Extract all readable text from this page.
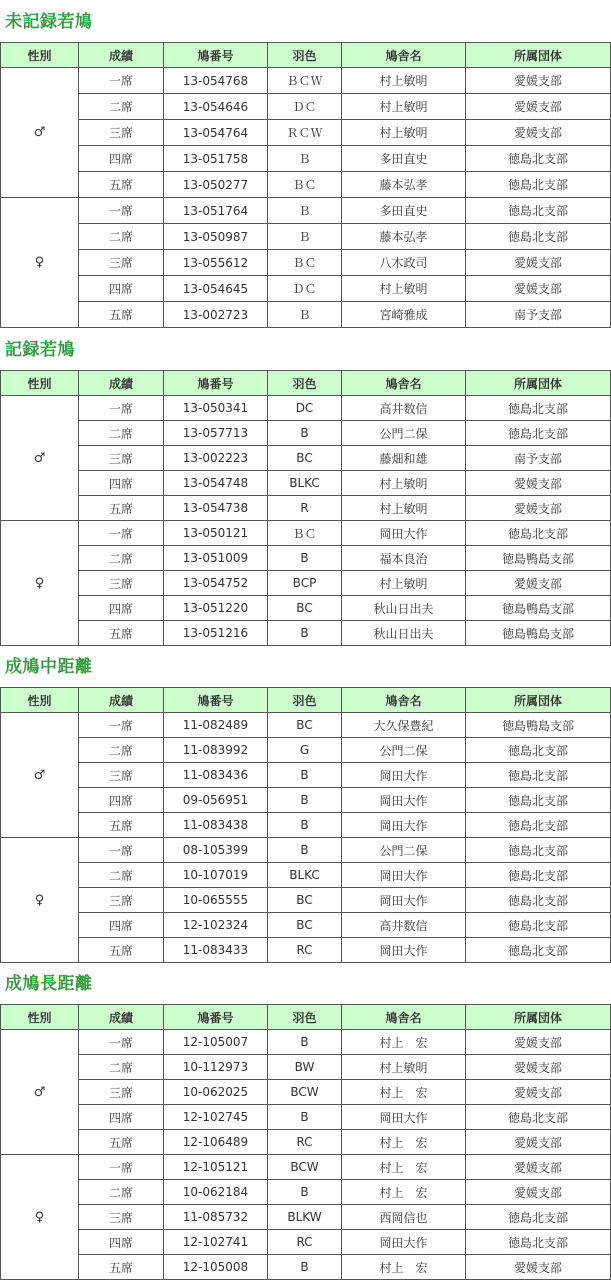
未記録若鳩
性別	成績	鳩番号	羽色	鳩舎名	所属団体
♂	一席	13-054768	ＢＣＷ	村上敏明	愛媛支部
	二席	13-054646	ＤＣ	村上敏明	愛媛支部
	三席	13-054764	ＲＣＷ	村上敏明	愛媛支部
	四席	13-051758	Ｂ	多田直史	徳島北支部
	五席	13-050277	ＢＣ	藤本弘孝	徳島北支部
♀	一席	13-051764	Ｂ	多田直史	徳島北支部
	二席	13-050987	Ｂ	藤本弘孝	徳島北支部
	三席	13-055612	ＢＣ	八木政司	愛媛支部
	四席	13-054645	ＤＣ	村上敏明	愛媛支部
	五席	13-002723	Ｂ	宮崎雅成	南予支部
記録若鳩
性別	成績	鳩番号	羽色	鳩舎名	所属団体
♂	一席	13-050341	DC	高井数信	徳島北支部
	二席	13-057713	B	公門二保	徳島北支部
	三席	13-002223	BC	藤畑和雄	南予支部
	四席	13-054748	BLKC	村上敏明	愛媛支部
	五席	13-054738	R	村上敏明	愛媛支部
♀	一席	13-050121	ＢＣ	岡田大作	徳島北支部
	二席	13-051009	B	福本良治	徳島鴨島支部
	三席	13-054752	BCP	村上敏明	愛媛支部
	四席	13-051220	BC	秋山日出夫	徳島鴨島支部
	五席	13-051216	B	秋山日出夫	徳島鴨島支部
成鳩中距離
性別	成績	鳩番号	羽色	鳩舎名	所属団体
♂	一席	11-082489	BC	大久保豊紀	徳島鴨島支部
	二席	11-083992	G	公門二保	徳島北支部
	三席	11-083436	B	岡田大作	徳島北支部
	四席	09-056951	B	岡田大作	徳島北支部
	五席	11-083438	B	岡田大作	徳島北支部
♀	一席	08-105399	B	公門二保	徳島北支部
	二席	10-107019	BLKC	岡田大作	徳島北支部
	三席	10-065555	BC	岡田大作	徳島北支部
	四席	12-102324	BC	高井数信	徳島北支部
	五席	11-083433	RC	岡田大作	徳島北支部
成鳩長距離
性別	成績	鳩番号	羽色	鳩舎名	所属団体
♂	一席	12-105007	B	村上　宏	愛媛支部
	二席	10-112973	BW	村上敏明	愛媛支部
	三席	10-062025	BCW	村上　宏	愛媛支部
	四席	12-102745	B	岡田大作	徳島北支部
	五席	12-106489	RC	村上　宏	愛媛支部
♀	一席	12-105121	BCW	村上　宏	愛媛支部
	二席	10-062184	B	村上　宏	愛媛支部
	三席	11-085732	BLKW	西岡信也	徳島北支部
	四席	12-102741	RC	岡田大作	徳島北支部
	五席	12-105008	B	村上　宏	愛媛支部
